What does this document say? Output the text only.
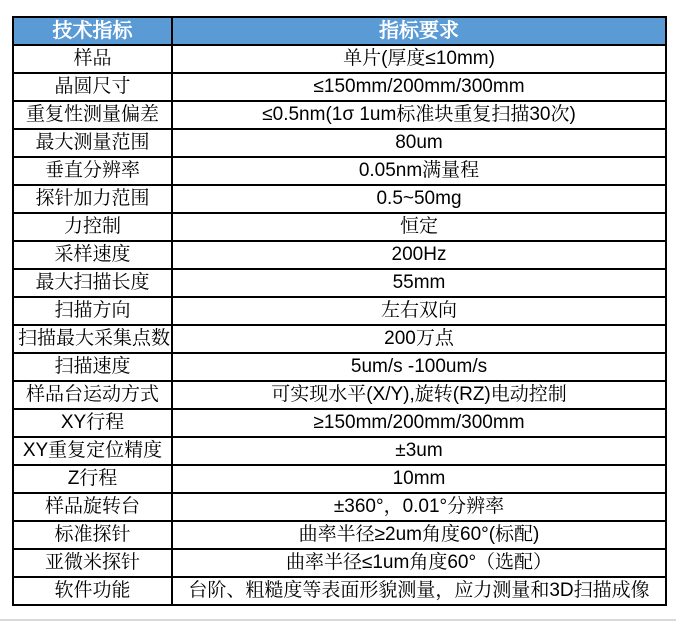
技术指标	指标要求
样品	单片(厚度≤10mm)
晶圆尺寸	≤150mm/200mm/300mm
重复性测量偏差	≤0.5nm(1σ 1um标准块重复扫描30次)
最大测量范围	80um
垂直分辨率	0.05nm满量程
探针加力范围	0.5~50mg
力控制	恒定
采样速度	200Hz
最大扫描长度	55mm
扫描方向	左右双向
扫描最大采集点数	200万点
扫描速度	5um/s -100um/s
样品台运动方式	可实现水平(X/Y),旋转(RZ)电动控制
XY行程	≥150mm/200mm/300mm
XY重复定位精度	±3um
Z行程	10mm
样品旋转台	±360°，0.01°分辨率
标准探针	曲率半径≥2um角度60°(标配)
亚微米探针	曲率半径≤1um角度60°（选配）
软件功能	台阶、粗糙度等表面形貌测量，应力测量和3D扫描成像
